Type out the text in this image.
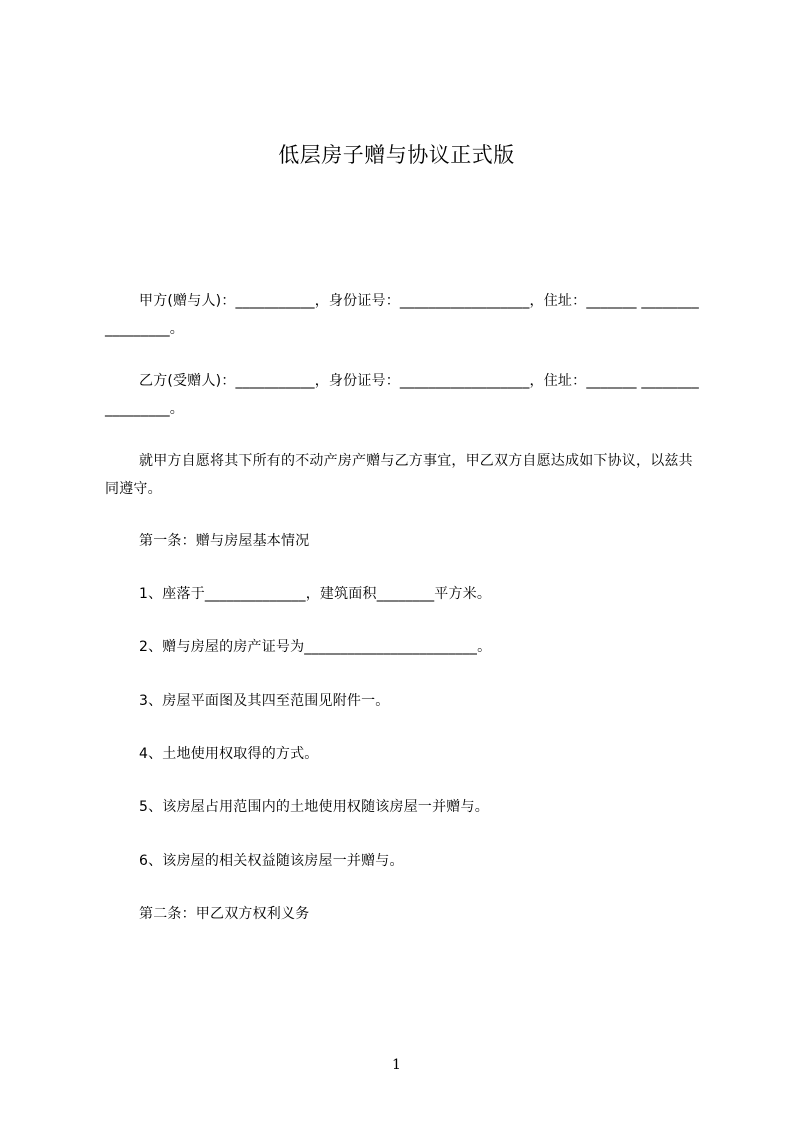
低层房子赠与协议正式版
甲方(赠与人)：___________，身份证号：__________________，住址：_______ _________________。
乙方(受赠人)：___________，身份证号：__________________，住址：_______ _________________。
就甲方自愿将其下所有的不动产房产赠与乙方事宜，甲乙双方自愿达成如下协议，以兹共同遵守。
第一条：赠与房屋基本情况
1、座落于______________，建筑面积________平方米。
2、赠与房屋的房产证号为________________________。
3、房屋平面图及其四至范围见附件一。
4、土地使用权取得的方式。
5、该房屋占用范围内的土地使用权随该房屋一并赠与。
6、该房屋的相关权益随该房屋一并赠与。
第二条：甲乙双方权利义务
1
